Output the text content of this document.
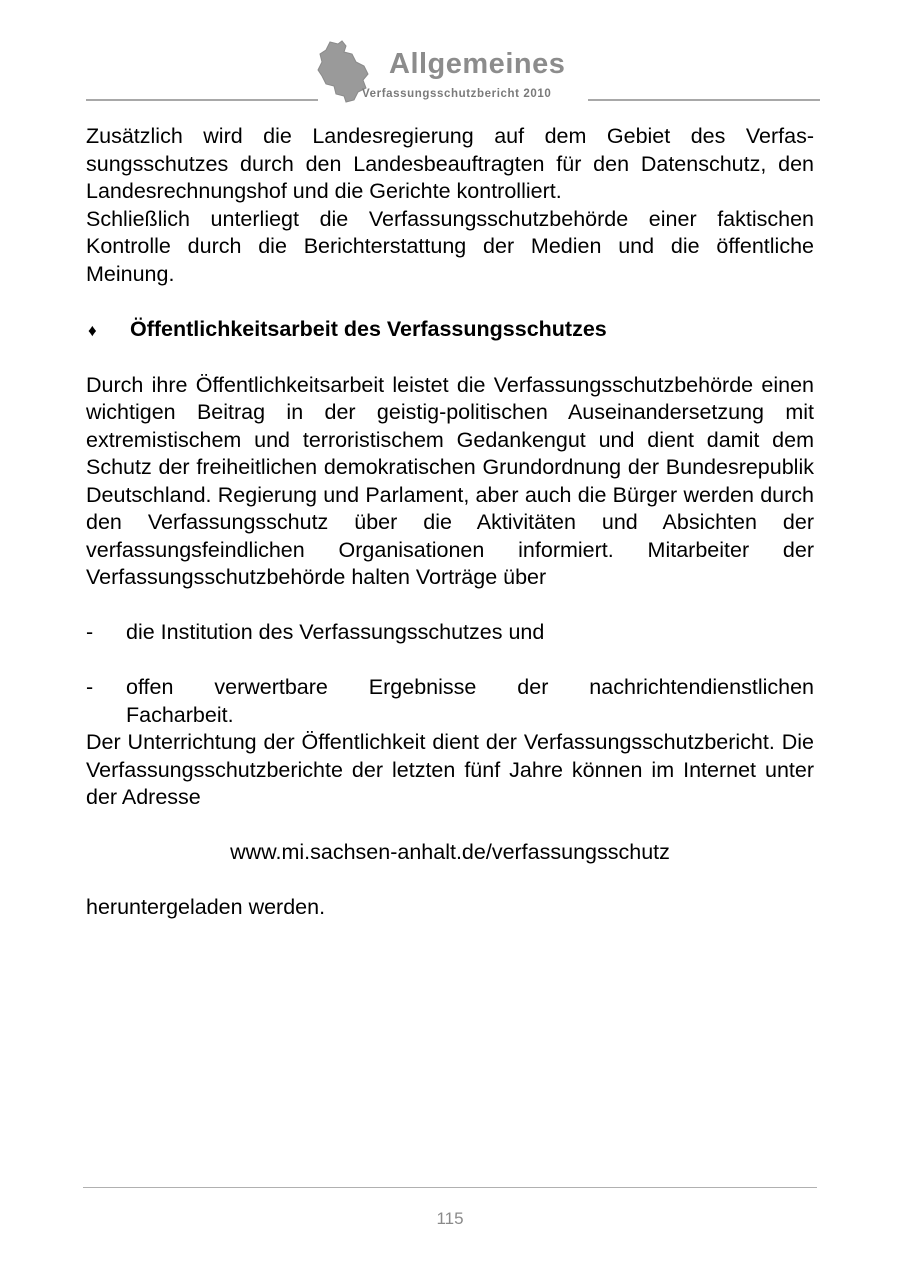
Allgemeines
Verfassungsschutzbericht 2010

Zusätzlich wird die Landesregierung auf dem Gebiet des Verfassungsschutzes durch den Landesbeauftragten für den Datenschutz, den Landesrechnungshof und die Gerichte kontrolliert.

Schließlich unterliegt die Verfassungsschutzbehörde einer faktischen Kontrolle durch die Berichterstattung der Medien und die öffentliche Meinung.

♦	Öffentlichkeitsarbeit des Verfassungsschutzes

Durch ihre Öffentlichkeitsarbeit leistet die Verfassungsschutzbehörde einen wichtigen Beitrag in der geistig-politischen Auseinandersetzung mit extremistischem und terroristischem Gedankengut und dient damit dem Schutz der freiheitlichen demokratischen Grundordnung der Bundesrepublik Deutschland. Regierung und Parlament, aber auch die Bürger werden durch den Verfassungsschutz über die Aktivitäten und Absichten der verfassungsfeindlichen Organisationen informiert. Mitarbeiter der Verfassungsschutzbehörde halten Vorträge über

-	die Institution des Verfassungsschutzes und
-	offen verwertbare Ergebnisse der nachrichtendienstlichen
Facharbeit.

Der Unterrichtung der Öffentlichkeit dient der Verfassungsschutzbericht. Die Verfassungsschutzberichte der letzten fünf Jahre können im Internet unter der Adresse

www.mi.sachsen-anhalt.de/verfassungsschutz

heruntergeladen werden.

115
